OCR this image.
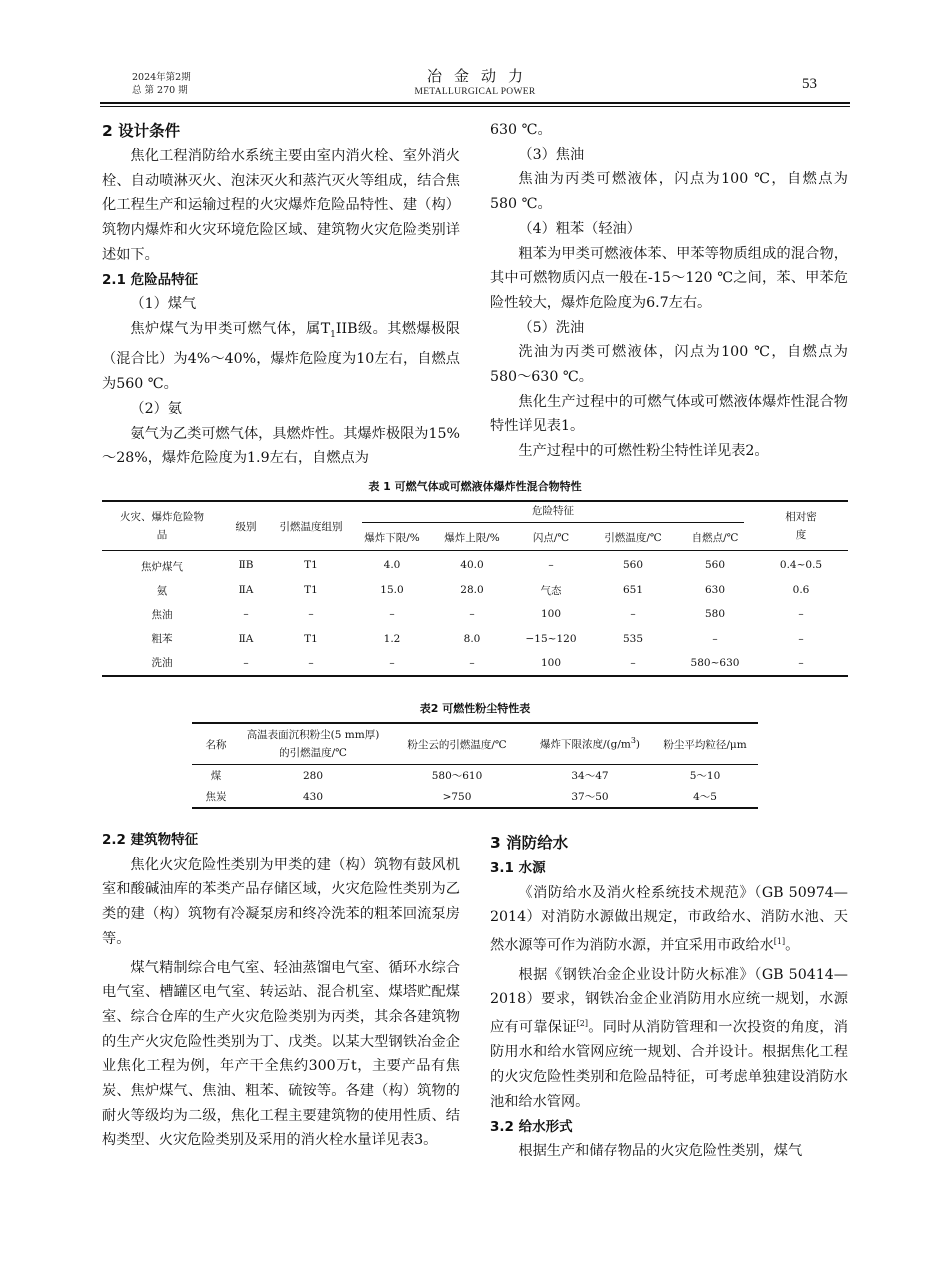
2024年第2期
总 第 270 期
冶金动力
METALLURGICAL POWER	53

2 设计条件

焦化工程消防给水系统主要由室内消火栓、室外消火栓、自动喷淋灭火、泡沫灭火和蒸汽灭火等组成，结合焦化工程生产和运输过程的火灾爆炸危险品特性、建（构）筑物内爆炸和火灾环境危险区域、建筑物火灾危险类别详述如下。

2.1 危险品特征

（1）煤气

焦炉煤气为甲类可燃气体，属$T_1IIB$级。其燃爆极限（混合比）为4%～40%，爆炸危险度为10左右，自燃点为560 ℃。

（2）氨

氨气为乙类可燃气体，具燃炸性。其爆炸极限为15%～28%，爆炸危险度为1.9左右，自燃点为

630 ℃。

（3）焦油

焦油为丙类可燃液体，闪点为100 ℃，自燃点为580 ℃。

（4）粗苯（轻油）

粗苯为甲类可燃液体苯、甲苯等物质组成的混合物，其中可燃物质闪点一般在-15～120 ℃之间，苯、甲苯危险性较大，爆炸危险度为6.7左右。

（5）洗油

洗油为丙类可燃液体，闪点为100 ℃，自燃点为580～630 ℃。

焦化生产过程中的可燃气体或可燃液体爆炸性混合物特性详见表1。

生产过程中的可燃性粉尘特性详见表2。

表 1 可燃气体或可燃液体爆炸性混合物特性
火灾、爆炸危险物品	级别	引燃温度组别	危险特征					相对密度
			爆炸下限/%	爆炸上限/%	闪点/℃	引燃温度/℃	自燃点/℃	
焦炉煤气	ⅡB	T1	4.0	40.0	–	560	560	0.4~0.5
氨	ⅡA	T1	15.0	28.0	气态	651	630	0.6
焦油	–	–	–	–	100	–	580	–
粗苯	ⅡA	T1	1.2	8.0	−15~120	535	–	–
洗油	–	–	–	–	100	–	580~630	–
表2 可燃性粉尘特性表
名称	高温表面沉积粉尘(5 mm厚)的引燃温度/℃	粉尘云的引燃温度/℃	爆炸下限浓度$/(g/m^3)$	粉尘平均粒径/μm
煤	280	580～610	34～47	5～10
焦炭	430	>750	37～50	4～5

2.2 建筑物特征

焦化火灾危险性类别为甲类的建（构）筑物有鼓风机室和酸碱油库的苯类产品存储区域，火灾危险性类别为乙类的建（构）筑物有冷凝泵房和终冷洗苯的粗苯回流泵房等。

煤气精制综合电气室、轻油蒸馏电气室、循环水综合电气室、槽罐区电气室、转运站、混合机室、煤塔贮配煤室、综合仓库的生产火灾危险类别为丙类，其余各建筑物的生产火灾危险性类别为丁、戊类。以某大型钢铁冶金企业焦化工程为例，年产干全焦约300万t，主要产品有焦炭、焦炉煤气、焦油、粗苯、硫铵等。各建（构）筑物的耐火等级均为二级，焦化工程主要建筑物的使用性质、结构类型、火灾危险类别及采用的消火栓水量详见表3。

3 消防给水

3.1 水源

《消防给水及消火栓系统技术规范》（GB 50974—2014）对消防水源做出规定，市政给水、消防水池、天然水源等可作为消防水源，并宜采用市政给水[1]。

根据《钢铁冶金企业设计防火标准》（GB 50414—2018）要求，钢铁冶金企业消防用水应统一规划，水源应有可靠保证[2]。同时从消防管理和一次投资的角度，消防用水和给水管网应统一规划、合并设计。根据焦化工程的火灾危险性类别和危险品特征，可考虑单独建设消防水池和给水管网。

3.2 给水形式

根据生产和储存物品的火灾危险性类别，煤气
